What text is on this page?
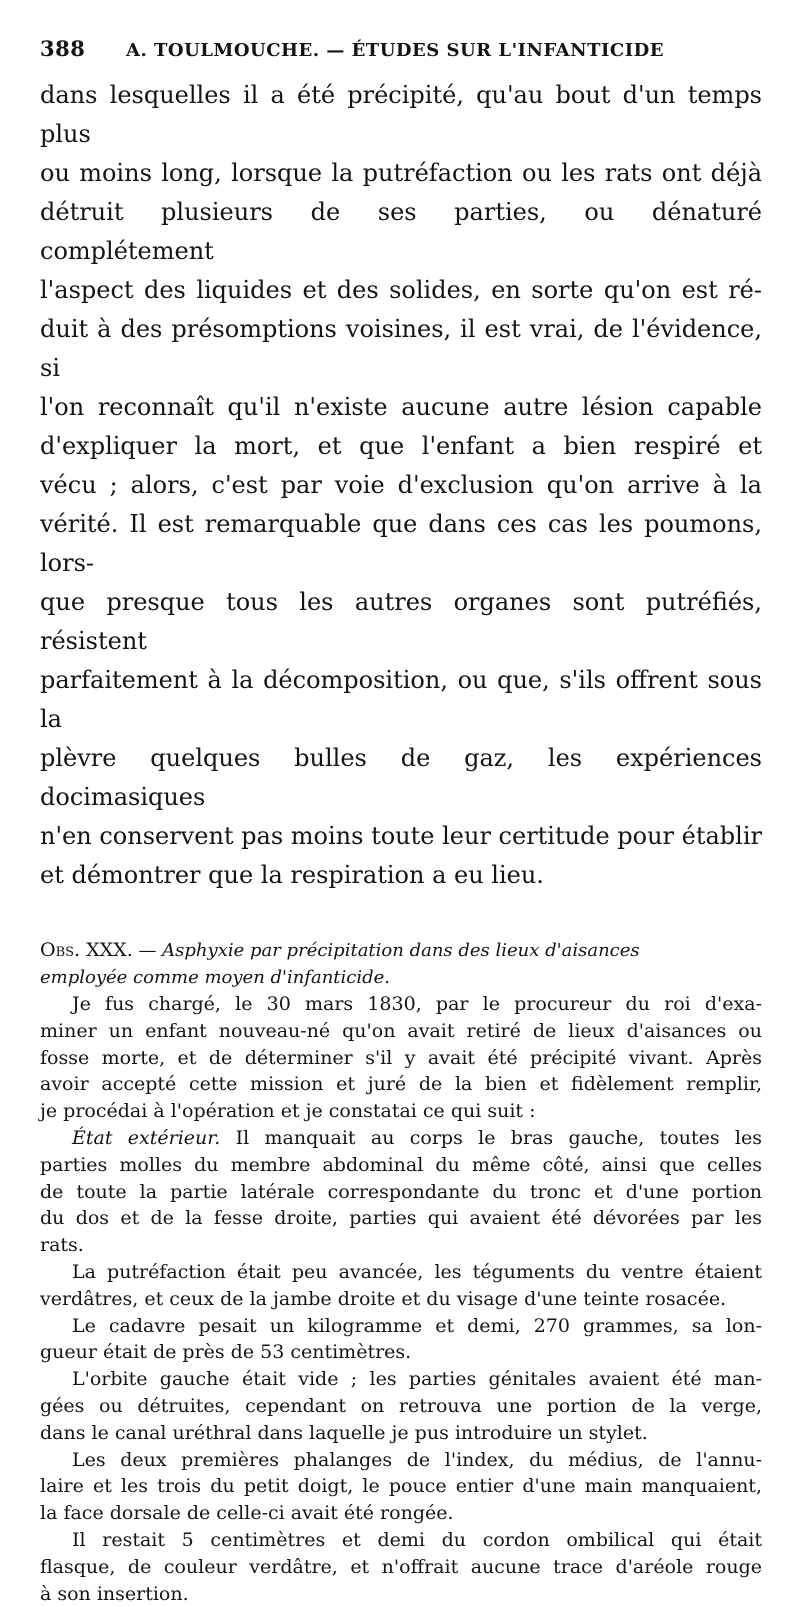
388	A. TOULMOUCHE. — ÉTUDES SUR L'INFANTICIDE

dans lesquelles il a été précipité, qu'au bout d'un temps plus

ou moins long, lorsque la putréfaction ou les rats ont déjà

détruit plusieurs de ses parties, ou dénaturé complétement

l'aspect des liquides et des solides, en sorte qu'on est ré-

duit à des présomptions voisines, il est vrai, de l'évidence, si

l'on reconnaît qu'il n'existe aucune autre lésion capable

d'expliquer la mort, et que l'enfant a bien respiré et

vécu ; alors, c'est par voie d'exclusion qu'on arrive à la

vérité. Il est remarquable que dans ces cas les poumons, lors-

que presque tous les autres organes sont putréfiés, résistent

parfaitement à la décomposition, ou que, s'ils offrent sous la

plèvre quelques bulles de gaz, les expériences docimasiques

n'en conservent pas moins toute leur certitude pour établir

et démontrer que la respiration a eu lieu.

Obs. XXX. — Asphyxie par précipitation dans des lieux d'aisances
employée comme moyen d'infanticide.

Je fus chargé, le 30 mars 1830, par le procureur du roi d'exa-

miner un enfant nouveau-né qu'on avait retiré de lieux d'aisances ou

fosse morte, et de déterminer s'il y avait été précipité vivant. Après

avoir accepté cette mission et juré de la bien et fidèlement remplir,

je procédai à l'opération et je constatai ce qui suit :

État extérieur. Il manquait au corps le bras gauche, toutes les

parties molles du membre abdominal du même côté, ainsi que celles

de toute la partie latérale correspondante du tronc et d'une portion

du dos et de la fesse droite, parties qui avaient été dévorées par les

rats.

La putréfaction était peu avancée, les téguments du ventre étaient

verdâtres, et ceux de la jambe droite et du visage d'une teinte rosacée.

Le cadavre pesait un kilogramme et demi, 270 grammes, sa lon-

gueur était de près de 53 centimètres.

L'orbite gauche était vide ; les parties génitales avaient été man-

gées ou détruites, cependant on retrouva une portion de la verge,

dans le canal uréthral dans laquelle je pus introduire un stylet.

Les deux premières phalanges de l'index, du médius, de l'annu-

laire et les trois du petit doigt, le pouce entier d'une main manquaient,

la face dorsale de celle-ci avait été rongée.

Il restait 5 centimètres et demi du cordon ombilical qui était

flasque, de couleur verdâtre, et n'offrait aucune trace d'aréole rouge

à son insertion.
